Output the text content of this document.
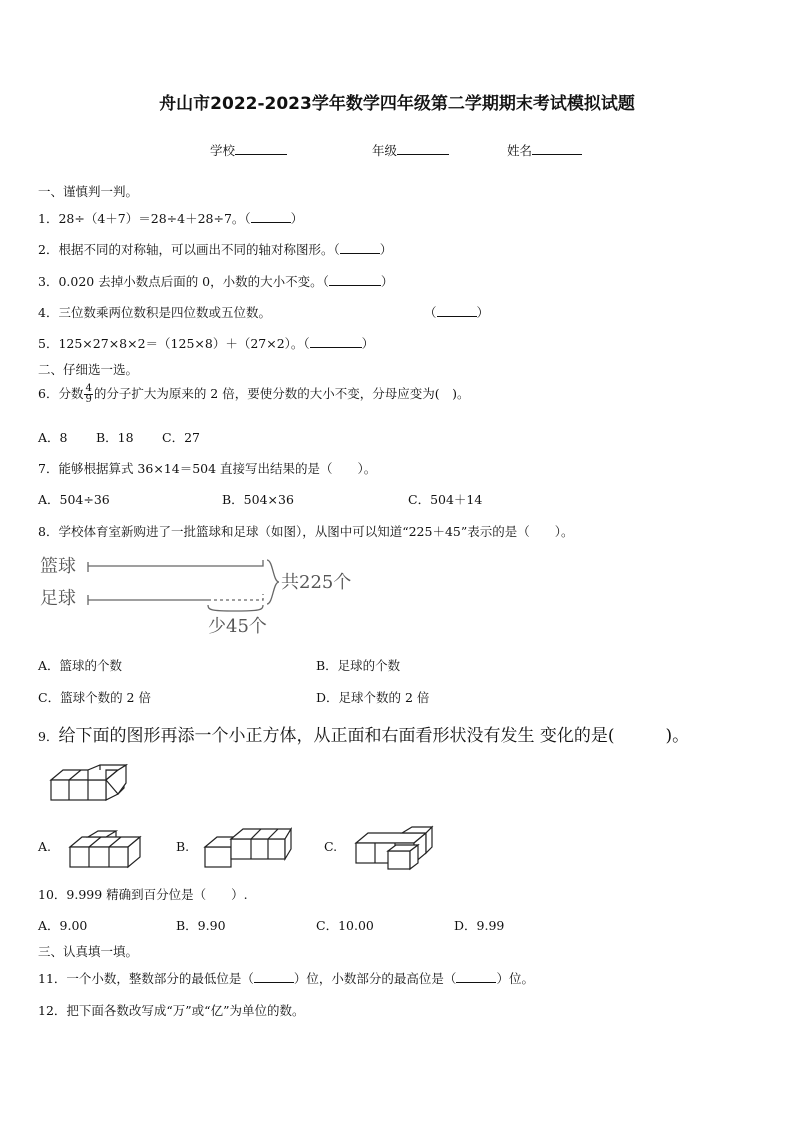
舟山市2022-2023学年数学四年级第二学期期末考试模拟试题
学校	年级	姓名
一、谨慎判一判。
1．28÷（4＋7）＝28÷4＋28÷7。（	）
2．根据不同的对称轴，可以画出不同的轴对称图形。（	）
3．0.020 去掉小数点后面的 0，小数的大小不变。（	）
4．三位数乘两位数积是四位数或五位数。	（	）
5．125×27×8×2＝（125×8）＋（27×2）。（	）
二、仔细选一选。
6．分数 $\frac{4}{9}$ 的分子扩大为原来的 2 倍，要使分数的大小不变，分母应变为(　)。
A．8 B．18 C．27
7．能够根据算式 36×14＝504 直接写出结果的是（　　）。
A．504÷36	B．504×36	C．504＋14
8．学校体育室新购进了一批篮球和足球（如图），从图中可以知道“225＋45”表示的是（　　）。
篮球
足球
共225个
少45个
A．篮球的个数	B．足球的个数
C．篮球个数的 2 倍	D．足球个数的 2 倍
9．给下面的图形再添一个小正方体，从正面和右面看形状没有发生 变化的是(　　　)。
A.	B.	C.
10．9.999 精确到百分位是（　　）.
A．9.00	B．9.90	C．10.00	D．9.99
三、认真填一填。
11．一个小数，整数部分的最低位是（	）位，小数部分的最高位是（	）位。
12．把下面各数改写成“万”或“亿”为单位的数。
